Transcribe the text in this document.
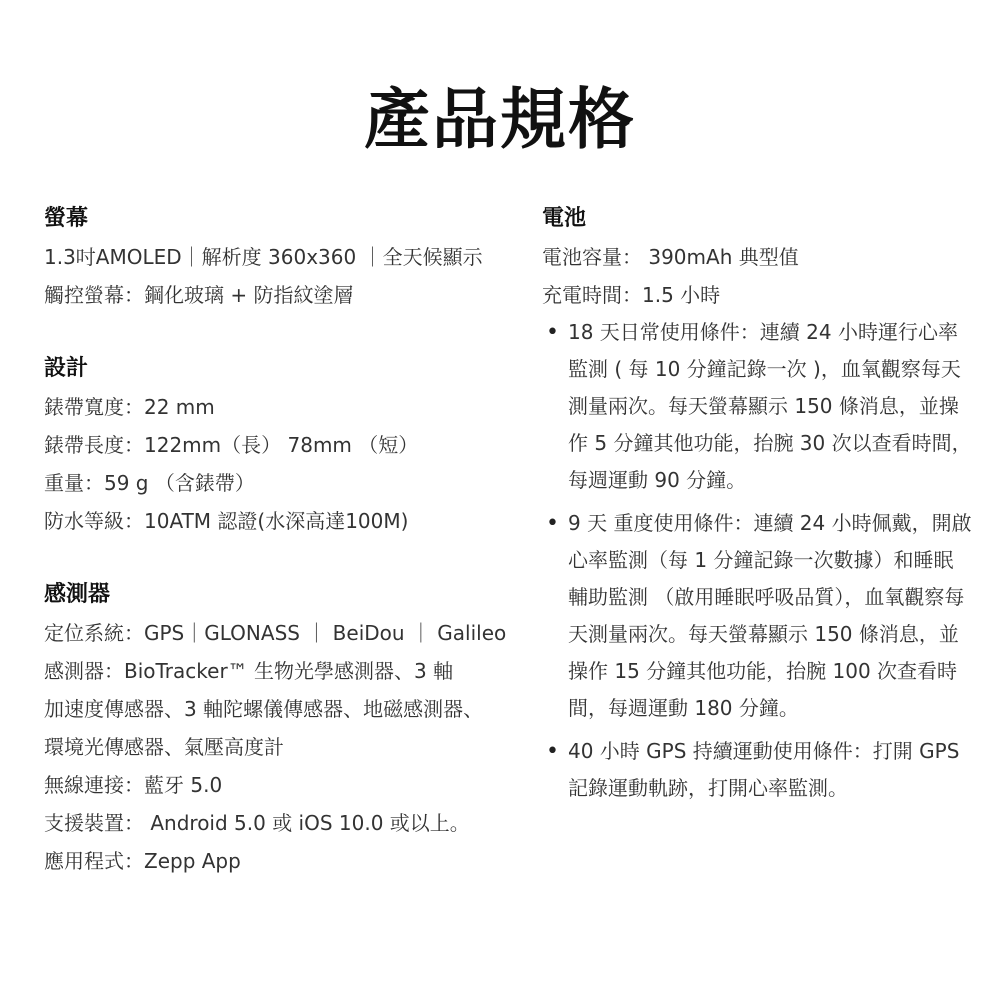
產品規格

螢幕

1.3吋AMOLED｜解析度 360x360 ｜全天候顯示

觸控螢幕：鋼化玻璃 + 防指紋塗層

設計

錶帶寬度：22 mm

錶帶長度：122mm（長） 78mm （短）

重量：59 g （含錶帶）

防水等級：10ATM 認證(水深高達100M)

感測器

定位系統：GPS｜GLONASS ｜ BeiDou ｜ Galileo

感測器：BioTracker™ 生物光學感測器、3 軸

加速度傳感器、3 軸陀螺儀傳感器、地磁感測器、

環境光傳感器、氣壓高度計

無線連接：藍牙 5.0

支援裝置： Android 5.0 或 iOS 10.0 或以上。

應用程式：Zepp App

電池

電池容量： 390mAh 典型值

充電時間：1.5 小時

• 18 天日常使用條件：連續 24 小時運行心率監測 ( 每 10 分鐘記錄一次 )，血氧觀察每天測量兩次。每天螢幕顯示 150 條消息，並操作 5 分鐘其他功能，抬腕 30 次以查看時間，每週運動 90 分鐘。
• 9 天 重度使用條件：連續 24 小時佩戴，開啟心率監測（每 1 分鐘記錄一次數據）和睡眠輔助監測 （啟用睡眠呼吸品質），血氧觀察每天測量兩次。每天螢幕顯示 150 條消息，並操作 15 分鐘其他功能，抬腕 100 次查看時間，每週運動 180 分鐘。
• 40 小時 GPS 持續運動使用條件：打開 GPS 記錄運動軌跡，打開心率監測。
